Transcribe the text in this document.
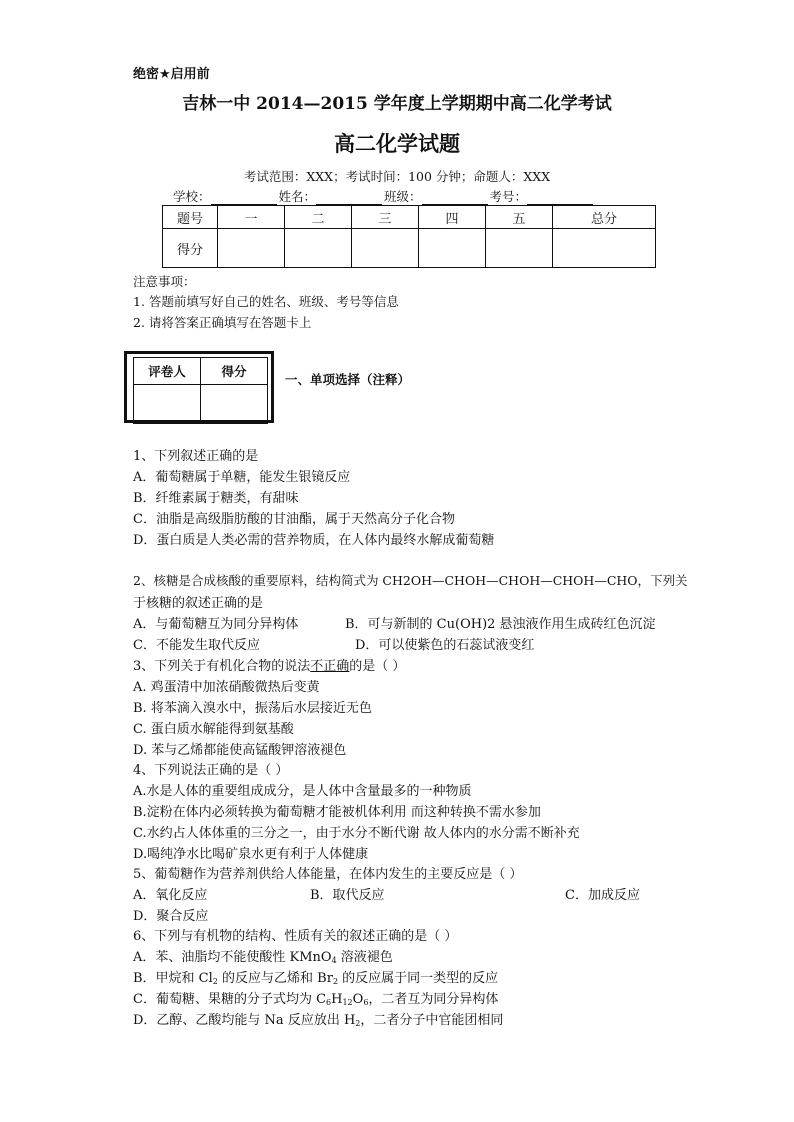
绝密★启用前
吉林一中 2014—2015 学年度上学期期中高二化学考试
高二化学试题
考试范围：XXX；考试时间：100 分钟；命题人：XXX
学校：	姓名：	班级：	考号：
题号	一	二	三	四	五	总分
得分						
注意事项：
1. 答题前填写好自己的姓名、班级、考号等信息
2. 请将答案正确填写在答题卡上
评卷人	得分

一、单项选择（注释）
1、下列叙述正确的是
A．葡萄糖属于单糖，能发生银镜反应
B．纤维素属于糖类，有甜味
C．油脂是高级脂肪酸的甘油酯，属于天然高分子化合物
D．蛋白质是人类必需的营养物质，在人体内最终水解成葡萄糖
2、核糖是合成核酸的重要原料，结构简式为 CH2OH—CHOH—CHOH—CHOH—CHO，下列关
于核糖的叙述正确的是
A．与葡萄糖互为同分异构体	B．可与新制的 Cu(OH)2 悬浊液作用生成砖红色沉淀
C．不能发生取代反应	D．可以使紫色的石蕊试液变红
3、下列关于有机化合物的说法不正确的是（ ）
A. 鸡蛋清中加浓硝酸微热后变黄
B. 将苯滴入溴水中，振荡后水层接近无色
C. 蛋白质水解能得到氨基酸
D. 苯与乙烯都能使高锰酸钾溶液褪色
4、下列说法正确的是（ ）
A.水是人体的重要组成成分，是人体中含量最多的一种物质
B.淀粉在体内必须转换为葡萄糖才能被机体利用 而这种转换不需水参加
C.水约占人体体重的三分之一，由于水分不断代谢 故人体内的水分需不断补充
D.喝纯净水比喝矿泉水更有利于人体健康
5、葡萄糖作为营养剂供给人体能量，在体内发生的主要反应是（ ）
A．氧化反应	B．取代反应	C．加成反应
D．聚合反应
6、下列与有机物的结构、性质有关的叙述正确的是（ ）
A．苯、油脂均不能使酸性 KMnO$_4$ 溶液褪色
B．甲烷和 $Cl_2$ 的反应与乙烯和 $Br_2$ 的反应属于同一类型的反应
C．葡萄糖、果糖的分子式均为 $C_6H_{12}O_6$，二者互为同分异构体
D．乙醇、乙酸均能与 Na 反应放出 $H_2$，二者分子中官能团相同
